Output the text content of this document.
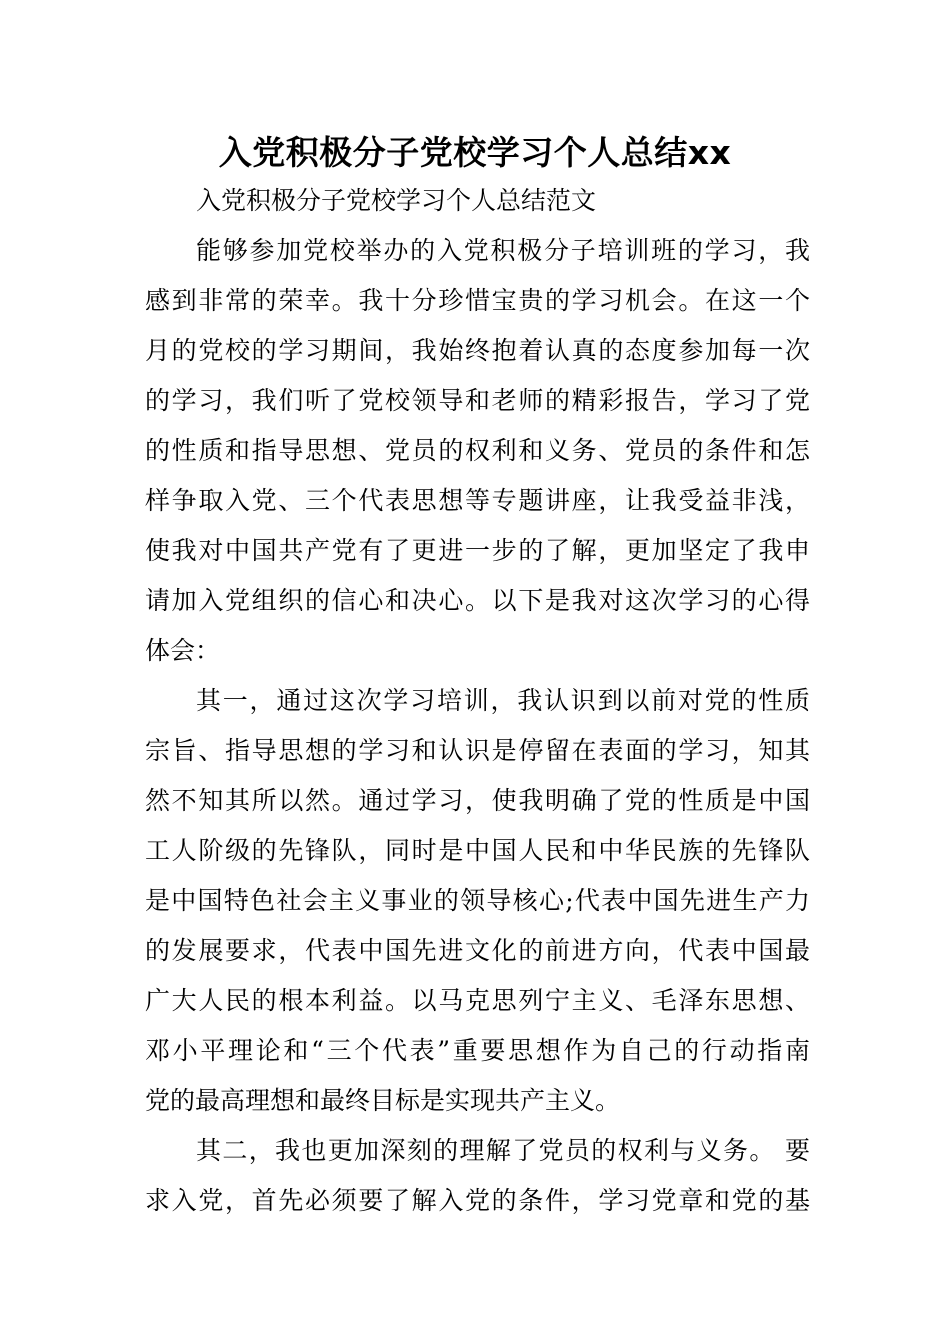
入党积极分子党校学习个人总结xx

入党积极分子党校学习个人总结范文

能够参加党校举办的入党积极分子培训班的学习，我

感到非常的荣幸。我十分珍惜宝贵的学习机会。在这一个

月的党校的学习期间，我始终抱着认真的态度参加每一次

的学习，我们听了党校领导和老师的精彩报告，学习了党

的性质和指导思想、党员的权利和义务、党员的条件和怎

样争取入党、三个代表思想等专题讲座，让我受益非浅，

使我对中国共产党有了更进一步的了解，更加坚定了我申

请加入党组织的信心和决心。以下是我对这次学习的心得

体会：

其一，通过这次学习培训，我认识到以前对党的性质

宗旨、指导思想的学习和认识是停留在表面的学习，知其

然不知其所以然。通过学习，使我明确了党的性质是中国

工人阶级的先锋队，同时是中国人民和中华民族的先锋队

是中国特色社会主义事业的领导核心;代表中国先进生产力

的发展要求，代表中国先进文化的前进方向，代表中国最

广大人民的根本利益。以马克思列宁主义、毛泽东思想、

邓小平理论和“三个代表”重要思想作为自己的行动指南

党的最高理想和最终目标是实现共产主义。

其二，我也更加深刻的理解了党员的权利与义务。 要

求入党，首先必须要了解入党的条件，学习党章和党的基
